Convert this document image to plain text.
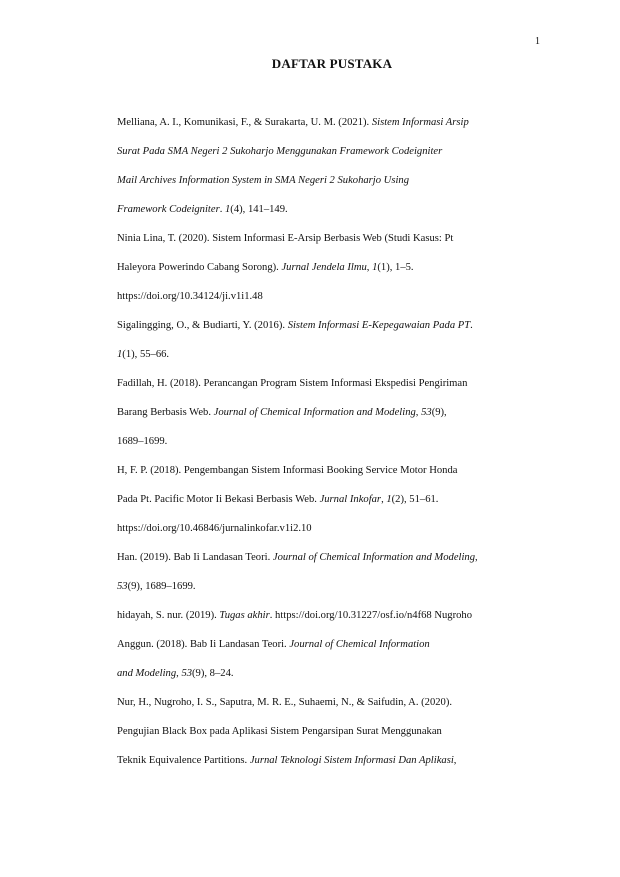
1
DAFTAR PUSTAKA

Melliana, A. I., Komunikasi, F., & Surakarta, U. M. (2021). Sistem Informasi Arsip
Surat Pada SMA Negeri 2 Sukoharjo Menggunakan Framework Codeigniter
Mail Archives Information System in SMA Negeri 2 Sukoharjo Using
Framework Codeigniter. 1(4), 141–149.

Ninia Lina, T. (2020). Sistem Informasi E-Arsip Berbasis Web (Studi Kasus: Pt
Haleyora Powerindo Cabang Sorong). Jurnal Jendela Ilmu, 1(1), 1–5.
https://doi.org/10.34124/ji.v1i1.48

Sigalingging, O., & Budiarti, Y. (2016). Sistem Informasi E-Kepegawaian Pada PT.
1(1), 55–66.

Fadillah, H. (2018). Perancangan Program Sistem Informasi Ekspedisi Pengiriman
Barang Berbasis Web. Journal of Chemical Information and Modeling, 53(9),
1689–1699.

H, F. P. (2018). Pengembangan Sistem Informasi Booking Service Motor Honda
Pada Pt. Pacific Motor Ii Bekasi Berbasis Web. Jurnal Inkofar, 1(2), 51–61.
https://doi.org/10.46846/jurnalinkofar.v1i2.10

Han. (2019). Bab Ii Landasan Teori. Journal of Chemical Information and Modeling,
53(9), 1689–1699.

hidayah, S. nur. (2019). Tugas akhir. https://doi.org/10.31227/osf.io/n4f68 Nugroho

Anggun. (2018). Bab Ii Landasan Teori. Journal of Chemical Information
and Modeling, 53(9), 8–24.

Nur, H., Nugroho, I. S., Saputra, M. R. E., Suhaemi, N., & Saifudin, A. (2020).
Pengujian Black Box pada Aplikasi Sistem Pengarsipan Surat Menggunakan
Teknik Equivalence Partitions. Jurnal Teknologi Sistem Informasi Dan Aplikasi,
